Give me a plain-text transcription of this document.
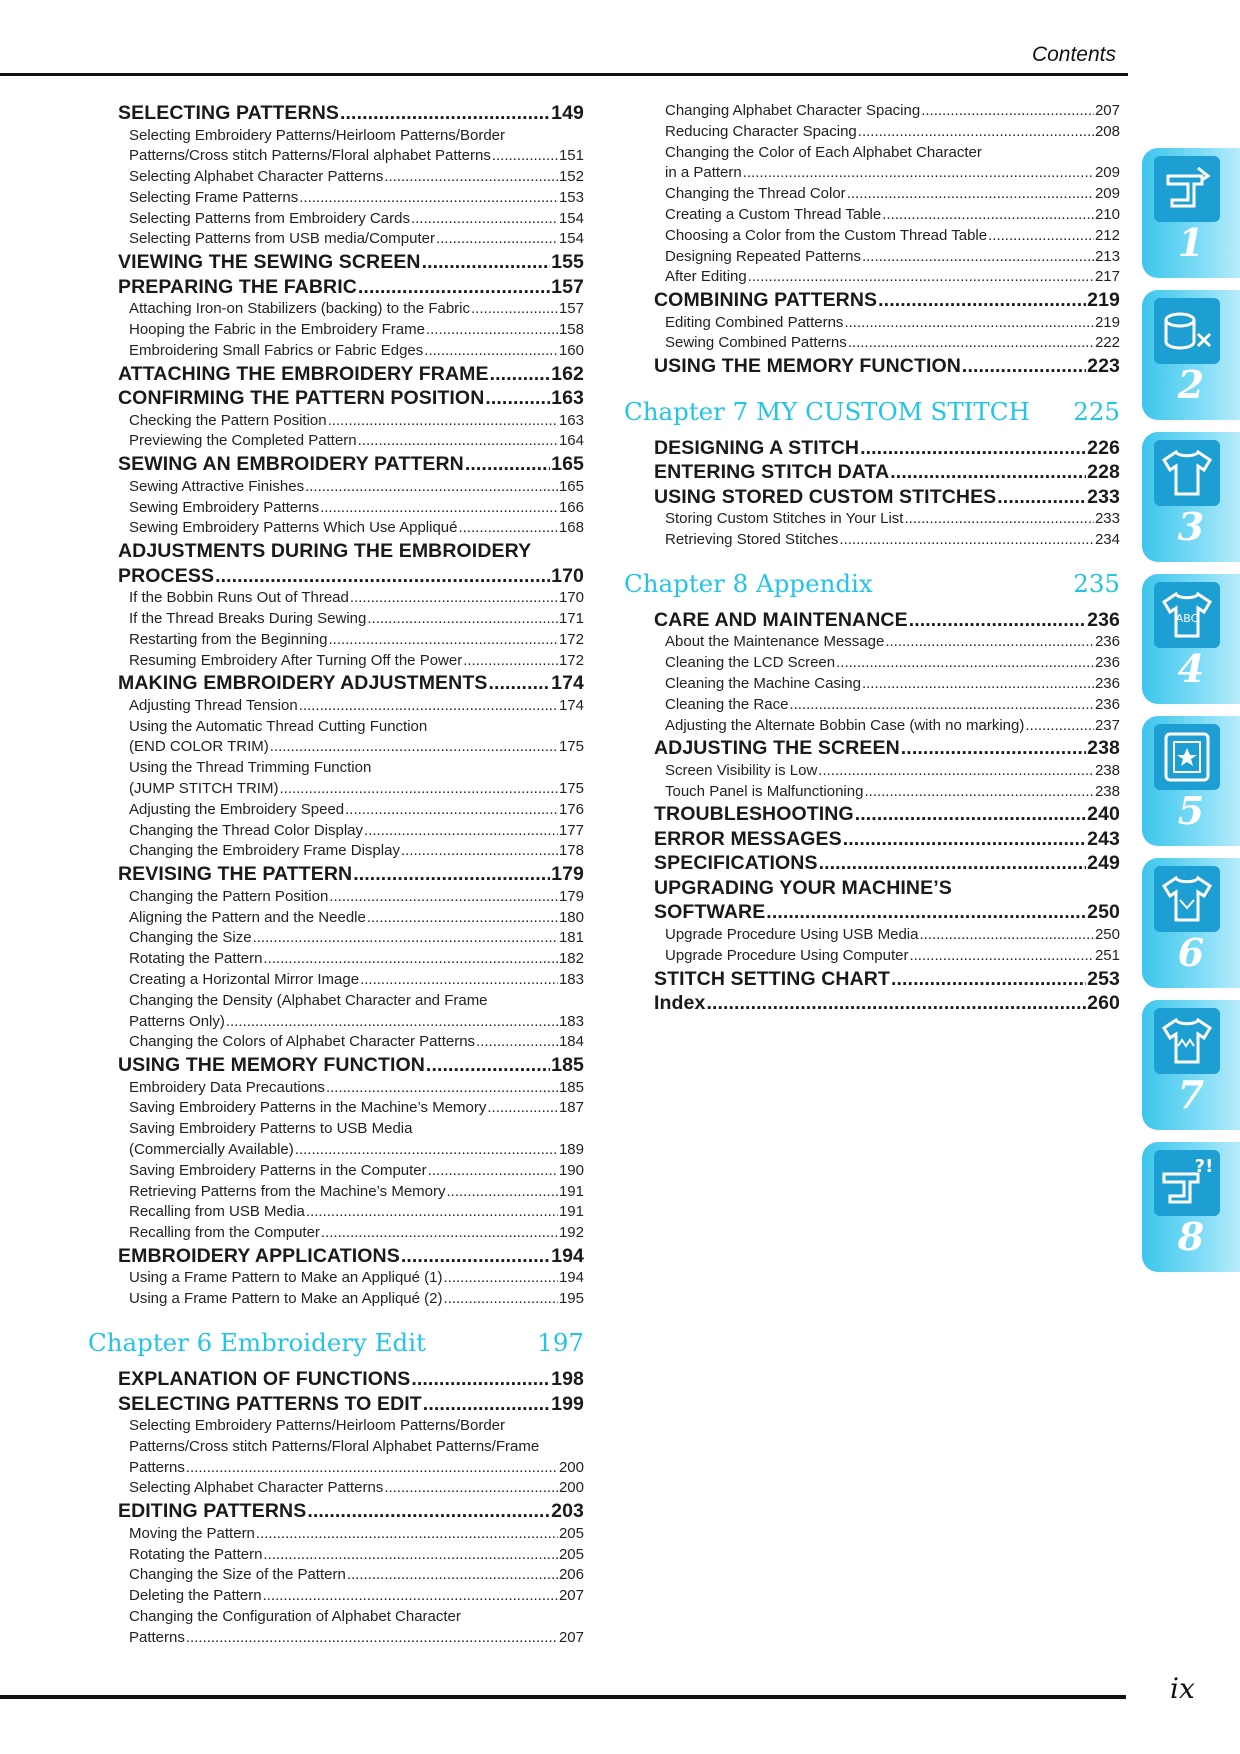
Contents
SELECTING PATTERNS .....	149
Selecting Embroidery Patterns/Heirloom Patterns/Border
Patterns/Cross stitch Patterns/Floral alphabet Patterns .....	151
Selecting Alphabet Character Patterns .....	152
Selecting Frame Patterns .....	153
Selecting Patterns from Embroidery Cards .....	154
Selecting Patterns from USB media/Computer .....	154
VIEWING THE SEWING SCREEN .....	155
PREPARING THE FABRIC .....	157
Attaching Iron-on Stabilizers (backing) to the Fabric .....	157
Hooping the Fabric in the Embroidery Frame .....	158
Embroidering Small Fabrics or Fabric Edges .....	160
ATTACHING THE EMBROIDERY FRAME .....	162
CONFIRMING THE PATTERN POSITION .....	163
Checking the Pattern Position .....	163
Previewing the Completed Pattern .....	164
SEWING AN EMBROIDERY PATTERN .....	165
Sewing Attractive Finishes .....	165
Sewing Embroidery Patterns .....	166
Sewing Embroidery Patterns Which Use Appliqué .....	168
ADJUSTMENTS DURING THE EMBROIDERY
PROCESS .....	170
If the Bobbin Runs Out of Thread .....	170
If the Thread Breaks During Sewing .....	171
Restarting from the Beginning .....	172
Resuming Embroidery After Turning Off the Power .....	172
MAKING EMBROIDERY ADJUSTMENTS .....	174
Adjusting Thread Tension .....	174
Using the Automatic Thread Cutting Function
(END COLOR TRIM) .....	175
Using the Thread Trimming Function
(JUMP STITCH TRIM) .....	175
Adjusting the Embroidery Speed .....	176
Changing the Thread Color Display .....	177
Changing the Embroidery Frame Display .....	178
REVISING THE PATTERN .....	179
Changing the Pattern Position .....	179
Aligning the Pattern and the Needle .....	180
Changing the Size .....	181
Rotating the Pattern .....	182
Creating a Horizontal Mirror Image .....	183
Changing the Density (Alphabet Character and Frame
Patterns Only) .....	183
Changing the Colors of Alphabet Character Patterns .....	184
USING THE MEMORY FUNCTION .....	185
Embroidery Data Precautions .....	185
Saving Embroidery Patterns in the Machine’s Memory .....	187
Saving Embroidery Patterns to USB Media
(Commercially Available) .....	189
Saving Embroidery Patterns in the Computer .....	190
Retrieving Patterns from the Machine’s Memory .....	191
Recalling from USB Media .....	191
Recalling from the Computer .....	192
EMBROIDERY APPLICATIONS .....	194
Using a Frame Pattern to Make an Appliqué (1) .....	194
Using a Frame Pattern to Make an Appliqué (2) .....	195
Chapter 6 Embroidery Edit	197
EXPLANATION OF FUNCTIONS .....	198
SELECTING PATTERNS TO EDIT .....	199
Selecting Embroidery Patterns/Heirloom Patterns/Border
Patterns/Cross stitch Patterns/Floral Alphabet Patterns/Frame
Patterns .....	200
Selecting Alphabet Character Patterns .....	200
EDITING PATTERNS .....	203
Moving the Pattern .....	205
Rotating the Pattern .....	205
Changing the Size of the Pattern .....	206
Deleting the Pattern .....	207
Changing the Configuration of Alphabet Character
Patterns .....	207
Changing Alphabet Character Spacing .....	207
Reducing Character Spacing .....	208
Changing the Color of Each Alphabet Character
in a Pattern .....	209
Changing the Thread Color .....	209
Creating a Custom Thread Table .....	210
Choosing a Color from the Custom Thread Table .....	212
Designing Repeated Patterns .....	213
After Editing .....	217
COMBINING PATTERNS .....	219
Editing Combined Patterns .....	219
Sewing Combined Patterns .....	222
USING THE MEMORY FUNCTION .....	223
Chapter 7 MY CUSTOM STITCH 225
DESIGNING A STITCH .....	226
ENTERING STITCH DATA .....	228
USING STORED CUSTOM STITCHES .....	233
Storing Custom Stitches in Your List .....	233
Retrieving Stored Stitches .....	234
Chapter 8 Appendix	235
CARE AND MAINTENANCE .....	236
About the Maintenance Message .....	236
Cleaning the LCD Screen .....	236
Cleaning the Machine Casing .....	236
Cleaning the Race .....	236
Adjusting the Alternate Bobbin Case (with no marking) .....	237
ADJUSTING THE SCREEN .....	238
Screen Visibility is Low .....	238
Touch Panel is Malfunctioning .....	238
TROUBLESHOOTING .....	240
ERROR MESSAGES .....	243
SPECIFICATIONS .....	249
UPGRADING YOUR MACHINE’S
SOFTWARE .....	250
Upgrade Procedure Using USB Media .....	250
Upgrade Procedure Using Computer .....	251
STITCH SETTING CHART .....	253
Index .....	260
1
2
3
ABC
4
5
6
7
?!
8
ix
